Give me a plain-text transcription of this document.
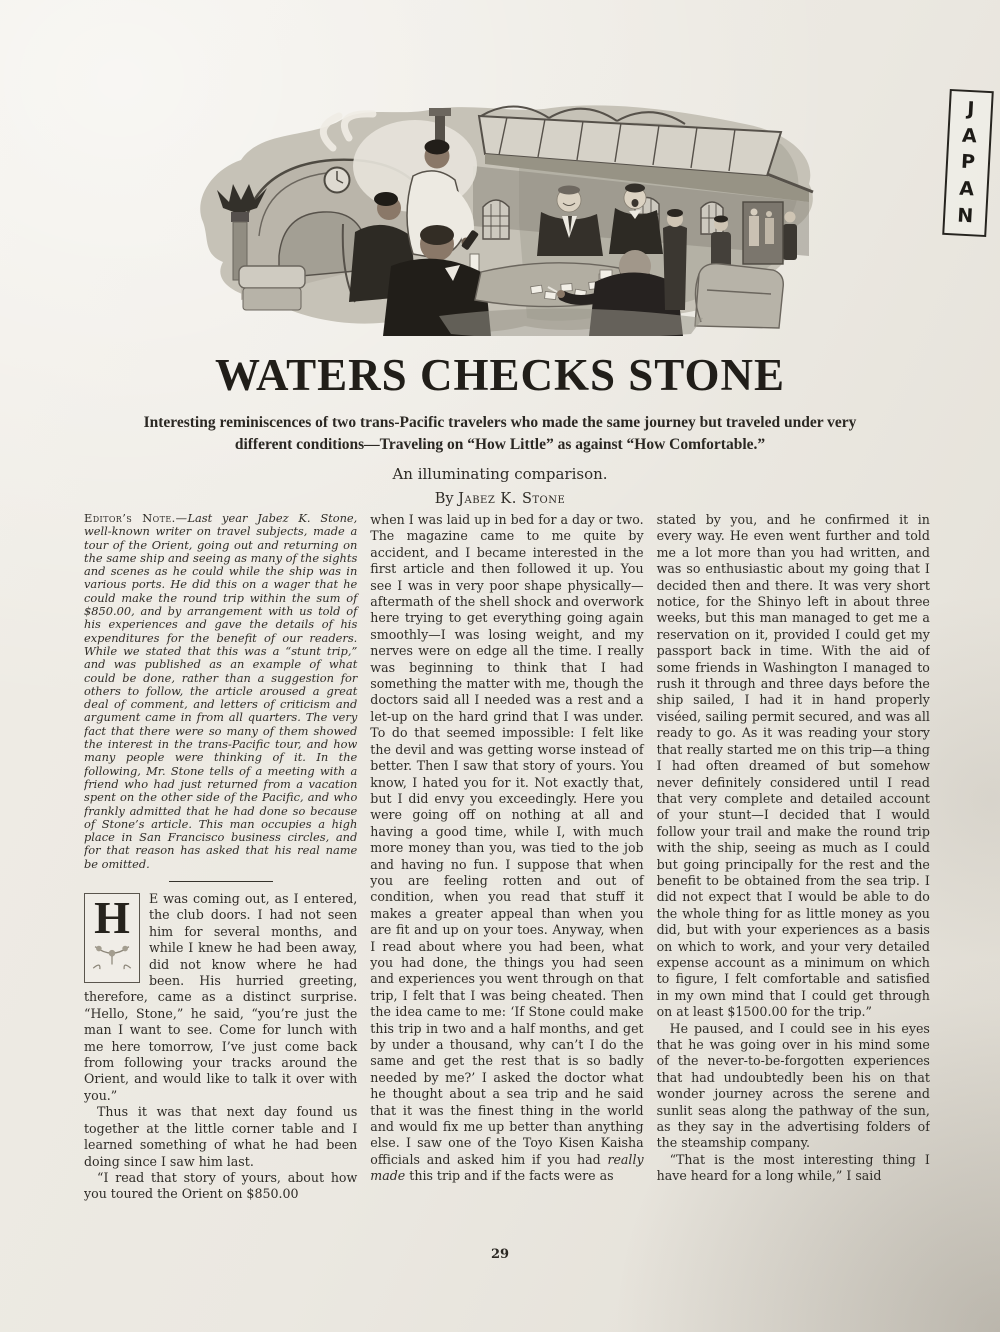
J
A
P
A
N
WATERS CHECKS STONE
Interesting reminiscences of two trans-Pacific travelers who made the same journey but traveled under very
different conditions—Traveling on “How Little” as against “How Comfortable.”
An illuminating comparison.
By Jabez K. Stone

Editor’s Note.—Last year Jabez K. Stone, well-known writer on travel subjects, made a tour of the Orient, going out and returning on the same ship and seeing as many of the sights and scenes as he could while the ship was in various ports. He did this on a wager that he could make the round trip within the sum of $850.00, and by arrangement with us told of his experiences and gave the details of his expenditures for the benefit of our readers. While we stated that this was a “stunt trip,” and was published as an example of what could be done, rather than a suggestion for others to follow, the article aroused a great deal of comment, and letters of criticism and argument came in from all quarters. The very fact that there were so many of them showed the interest in the trans-Pacific tour, and how many people were thinking of it. In the following, Mr. Stone tells of a meeting with a friend who had just returned from a vacation spent on the other side of the Pacific, and who frankly admitted that he had done so because of Stone’s article. This man occupies a high place in San Francisco business circles, and for that reason has asked that his real name be omitted.

H E was coming out, as I entered, the club doors. I had not seen him for several months, and while I knew he had been away, did not know where he had been. His hurried greeting, therefore, came as a distinct surprise. “Hello, Stone,” he said, “you’re just the man I want to see. Come for lunch with me here tomorrow, I’ve just come back from following your tracks around the Orient, and would like to talk it over with you.”

Thus it was that next day found us together at the little corner table and I learned something of what he had been doing since I saw him last.

“I read that story of yours, about how you toured the Orient on $850.00

when I was laid up in bed for a day or two. The magazine came to me quite by accident, and I became interested in the first article and then followed it up. You see I was in very poor shape physically—aftermath of the shell shock and overwork here trying to get everything going again smoothly—I was losing weight, and my nerves were on edge all the time. I really was beginning to think that I had something the matter with me, though the doctors said all I needed was a rest and a let-up on the hard grind that I was under. To do that seemed impossible: I felt like the devil and was getting worse instead of better. Then I saw that story of yours. You know, I hated you for it. Not exactly that, but I did envy you exceedingly. Here you were going off on nothing at all and having a good time, while I, with much more money than you, was tied to the job and having no fun. I suppose that when you are feeling rotten and out of condition, when you read that stuff it makes a greater appeal than when you are fit and up on your toes. Anyway, when I read about where you had been, what you had done, the things you had seen and experiences you went through on that trip, I felt that I was being cheated. Then the idea came to me: ‘If Stone could make this trip in two and a half months, and get by under a thousand, why can’t I do the same and get the rest that is so badly needed by me?’ I asked the doctor what he thought about a sea trip and he said that it was the finest thing in the world and would fix me up better than anything else. I saw one of the Toyo Kisen Kaisha officials and asked him if you had really made this trip and if the facts were as

stated by you, and he confirmed it in every way. He even went further and told me a lot more than you had written, and was so enthusiastic about my going that I decided then and there. It was very short notice, for the Shinyo left in about three weeks, but this man managed to get me a reservation on it, provided I could get my passport back in time. With the aid of some friends in Washington I managed to rush it through and three days before the ship sailed, I had it in hand properly viséed, sailing permit secured, and was all ready to go. As it was reading your story that really started me on this trip—a thing I had often dreamed of but somehow never definitely considered until I read that very complete and detailed account of your stunt—I decided that I would follow your trail and make the round trip with the ship, seeing as much as I could but going principally for the rest and the benefit to be obtained from the sea trip. I did not expect that I would be able to do the whole thing for as little money as you did, but with your experiences as a basis on which to work, and your very detailed expense account as a minimum on which to figure, I felt comfortable and satisfied in my own mind that I could get through on at least $1500.00 for the trip.”

He paused, and I could see in his eyes that he was going over in his mind some of the never-to-be-forgotten experiences that had undoubtedly been his on that wonder journey across the serene and sunlit seas along the pathway of the sun, as they say in the advertising folders of the steamship company.

“That is the most interesting thing I have heard for a long while,” I said

29
